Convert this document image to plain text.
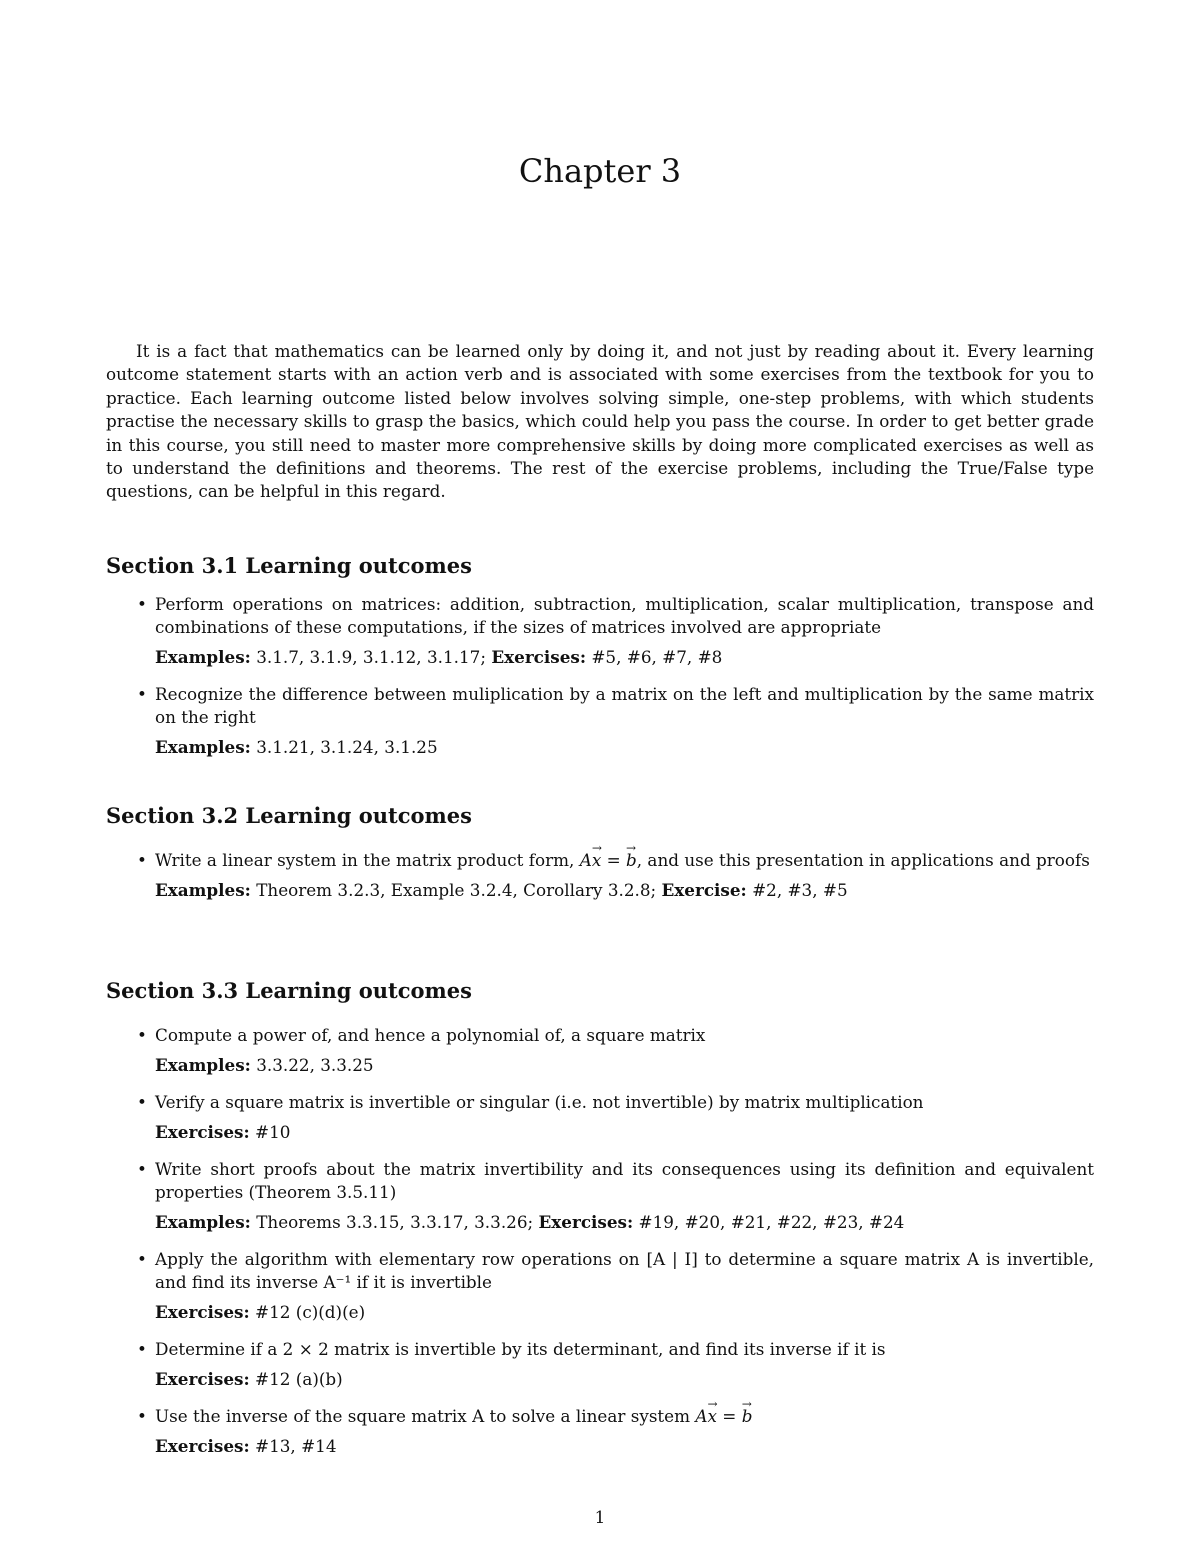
Chapter 3

It is a fact that mathematics can be learned only by doing it, and not just by reading about it. Every learning outcome statement starts with an action verb and is associated with some exercises from the textbook for you to practice. Each learning outcome listed below involves solving simple, one-step problems, with which students practise the necessary skills to grasp the basics, which could help you pass the course. In order to get better grade in this course, you still need to master more comprehensive skills by doing more complicated exercises as well as to understand the definitions and theorems. The rest of the exercise problems, including the True/False type questions, can be helpful in this regard.

Section 3.1 Learning outcomes
• Perform operations on matrices: addition, subtraction, multiplication, scalar multiplication, transpose and combinations of these computations, if the sizes of matrices involved are appropriate

Examples: 3.1.7, 3.1.9, 3.1.12, 3.1.17; Exercises: #5, #6, #7, #8

• Recognize the difference between muliplication by a matrix on the left and multiplication by the same matrix on the right

Examples: 3.1.21, 3.1.24, 3.1.25

Section 3.2 Learning outcomes
• Write a linear system in the matrix product form, A→ x = → b, and use this presentation in applications and proofs

Examples: Theorem 3.2.3, Example 3.2.4, Corollary 3.2.8; Exercise: #2, #3, #5

Section 3.3 Learning outcomes
• Compute a power of, and hence a polynomial of, a square matrix

Examples: 3.3.22, 3.3.25

• Verify a square matrix is invertible or singular (i.e. not invertible) by matrix multiplication

Exercises: #10

• Write short proofs about the matrix invertibility and its consequences using its definition and equivalent properties (Theorem 3.5.11)

Examples: Theorems 3.3.15, 3.3.17, 3.3.26; Exercises: #19, #20, #21, #22, #23, #24

• Apply the algorithm with elementary row operations on [A | I] to determine a square matrix A is invertible, and find its inverse A⁻¹ if it is invertible

Exercises: #12 (c)(d)(e)

• Determine if a 2 × 2 matrix is invertible by its determinant, and find its inverse if it is

Exercises: #12 (a)(b)

• Use the inverse of the square matrix A to solve a linear system A→ x = → b

Exercises: #13, #14

1
